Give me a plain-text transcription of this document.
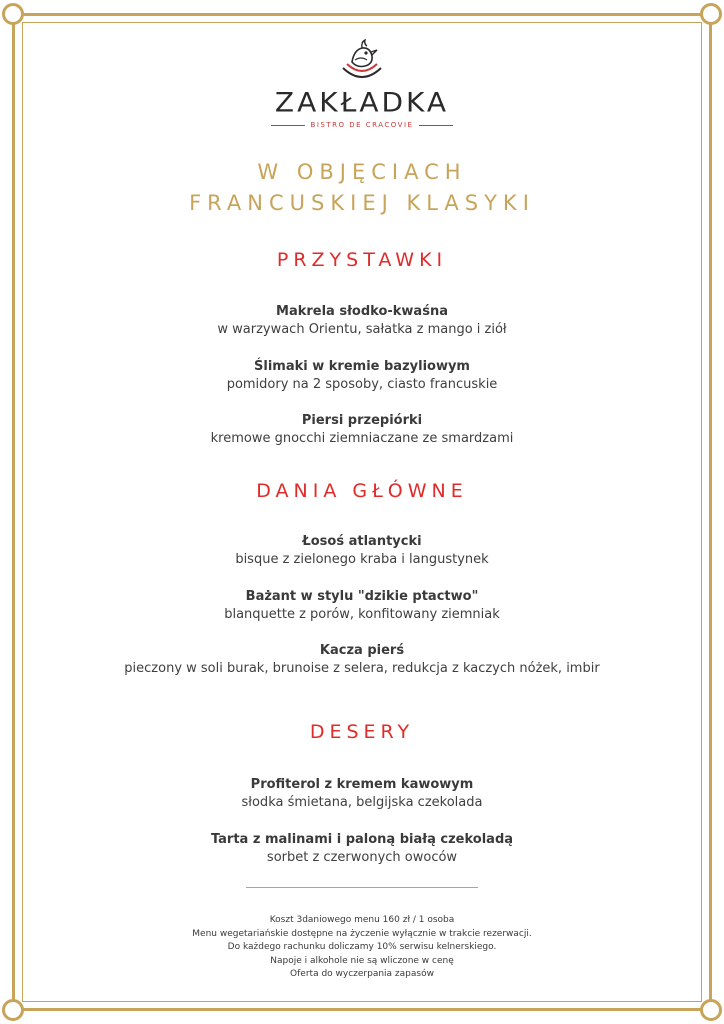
ZAKŁADKA
BISTRO DE CRACOVIE
W OBJĘCIACH
FRANCUSKIEJ KLASYKI
PRZYSTAWKI
Makrela słodko-kwaśna
w warzywach Orientu, sałatka z mango i ziół
Ślimaki w kremie bazyliowym
pomidory na 2 sposoby, ciasto francuskie
Piersi przepiórki
kremowe gnocchi ziemniaczane ze smardzami
DANIA GŁÓWNE
Łosoś atlantycki
bisque z zielonego kraba i langustynek
Bażant w stylu "dzikie ptactwo"
blanquette z porów, konfitowany ziemniak
Kacza pierś
pieczony w soli burak, brunoise z selera, redukcja z kaczych nóżek, imbir
DESERY
Profiterol z kremem kawowym
słodka śmietana, belgijska czekolada
Tarta z malinami i paloną białą czekoladą
sorbet z czerwonych owoców
Koszt 3daniowego menu 160 zł / 1 osoba
Menu wegetariańskie dostępne na życzenie wyłącznie w trakcie rezerwacji.
Do każdego rachunku doliczamy 10% serwisu kelnerskiego.
Napoje i alkohole nie są wliczone w cenę
Oferta do wyczerpania zapasów
